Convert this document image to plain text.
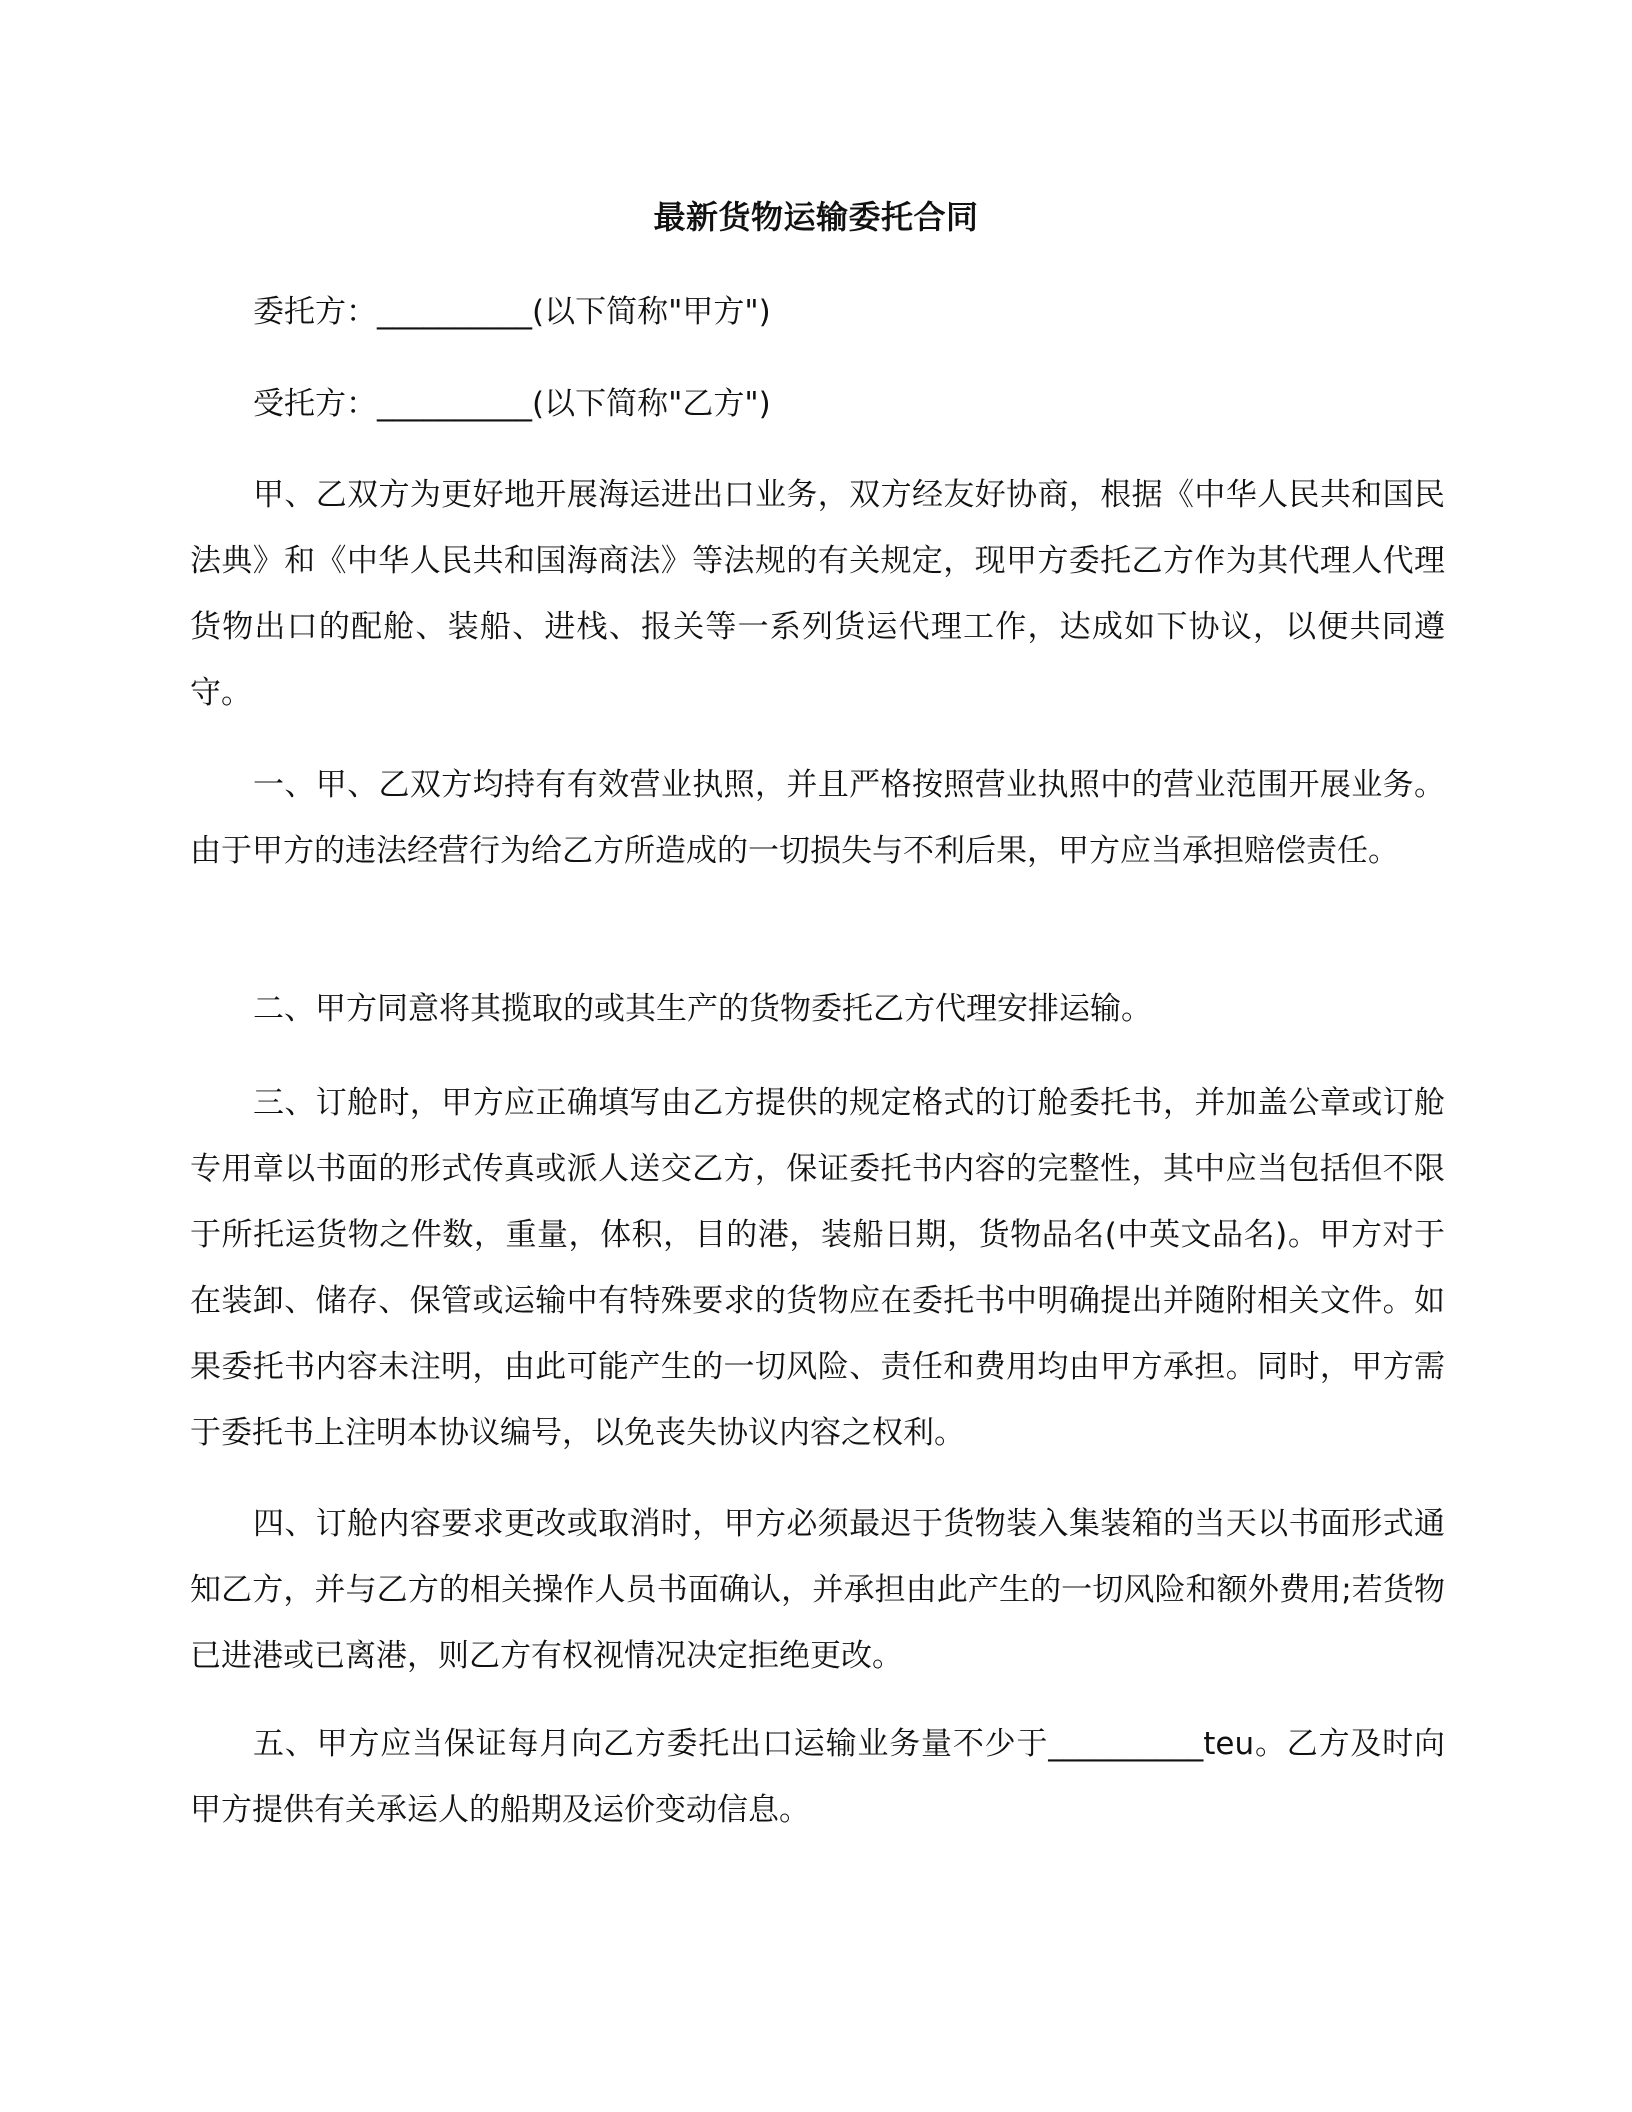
最新货物运输委托合同
委托方：__________(以下简称"甲方")
受托方：__________(以下简称"乙方")

甲、乙双方为更好地开展海运进出口业务，双方经友好协商，根据《中华人民共和国民法典》和《中华人民共和国海商法》等法规的有关规定，现甲方委托乙方作为其代理人代理货物出口的配舱、装船、进栈、报关等一系列货运代理工作，达成如下协议，以便共同遵守。

一、甲、乙双方均持有有效营业执照，并且严格按照营业执照中的营业范围开展业务。由于甲方的违法经营行为给乙方所造成的一切损失与不利后果，甲方应当承担赔偿责任。

二、甲方同意将其揽取的或其生产的货物委托乙方代理安排运输。

三、订舱时，甲方应正确填写由乙方提供的规定格式的订舱委托书，并加盖公章或订舱专用章以书面的形式传真或派人送交乙方，保证委托书内容的完整性，其中应当包括但不限于所托运货物之件数，重量，体积，目的港，装船日期，货物品名(中英文品名)。甲方对于在装卸、储存、保管或运输中有特殊要求的货物应在委托书中明确提出并随附相关文件。如果委托书内容未注明，由此可能产生的一切风险、责任和费用均由甲方承担。同时，甲方需于委托书上注明本协议编号，以免丧失协议内容之权利。

四、订舱内容要求更改或取消时，甲方必须最迟于货物装入集装箱的当天以书面形式通知乙方，并与乙方的相关操作人员书面确认，并承担由此产生的一切风险和额外费用;若货物已进港或已离港，则乙方有权视情况决定拒绝更改。

五、甲方应当保证每月向乙方委托出口运输业务量不少于__________teu。乙方及时向甲方提供有关承运人的船期及运价变动信息。
